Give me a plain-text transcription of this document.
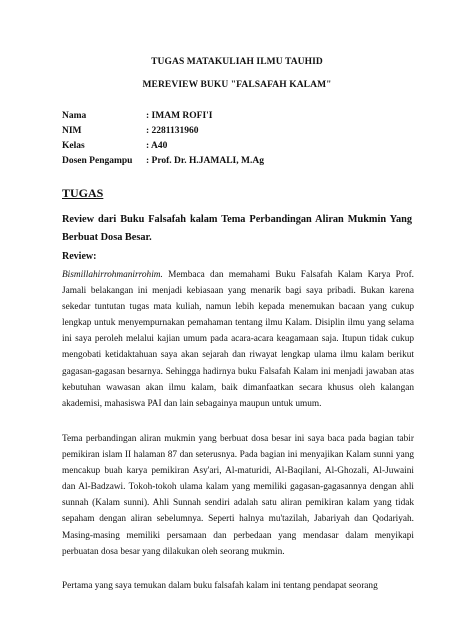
TUGAS MATAKULIAH ILMU TAUHID
MEREVIEW BUKU "FALSAFAH KALAM"
Nama	: IMAM ROFI'I
NIM	: 2281131960
Kelas	: A40
Dosen Pengampu : Prof. Dr. H.JAMALI, M.Ag
TUGAS
Review dari Buku Falsafah kalam Tema Perbandingan Aliran Mukmin Yang Berbuat Dosa Besar.
Review:

Bismillahirrohmanirrohim. Membaca dan memahami Buku Falsafah Kalam Karya Prof. Jamali belakangan ini menjadi kebiasaan yang menarik bagi saya pribadi. Bukan karena sekedar tuntutan tugas mata kuliah, namun lebih kepada menemukan bacaan yang cukup lengkap untuk menyempurnakan pemahaman tentang ilmu Kalam. Disiplin ilmu yang selama ini saya peroleh melalui kajian umum pada acara-acara keagamaan saja. Itupun tidak cukup mengobati ketidaktahuan saya akan sejarah dan riwayat lengkap ulama ilmu kalam berikut gagasan-gagasan besarnya. Sehingga hadirnya buku Falsafah Kalam ini menjadi jawaban atas kebutuhan wawasan akan ilmu kalam, baik dimanfaatkan secara khusus oleh kalangan akademisi, mahasiswa PAI dan lain sebagainya maupun untuk umum.

Tema perbandingan aliran mukmin yang berbuat dosa besar ini saya baca pada bagian tabir pemikiran islam II halaman 87 dan seterusnya. Pada bagian ini menyajikan Kalam sunni yang mencakup buah karya pemikiran Asy'ari, Al-maturidi, Al-Baqilani, Al-Ghozali, Al-Juwaini dan Al-Badzawi. Tokoh-tokoh ulama kalam yang memiliki gagasan-gagasannya dengan ahli sunnah (Kalam sunni). Ahli Sunnah sendiri adalah satu aliran pemikiran kalam yang tidak sepaham dengan aliran sebelumnya. Seperti halnya mu'tazilah, Jabariyah dan Qodariyah. Masing-masing memiliki persamaan dan perbedaan yang mendasar dalam menyikapi perbuatan dosa besar yang dilakukan oleh seorang mukmin.

Pertama yang saya temukan dalam buku falsafah kalam ini tentang pendapat seorang
